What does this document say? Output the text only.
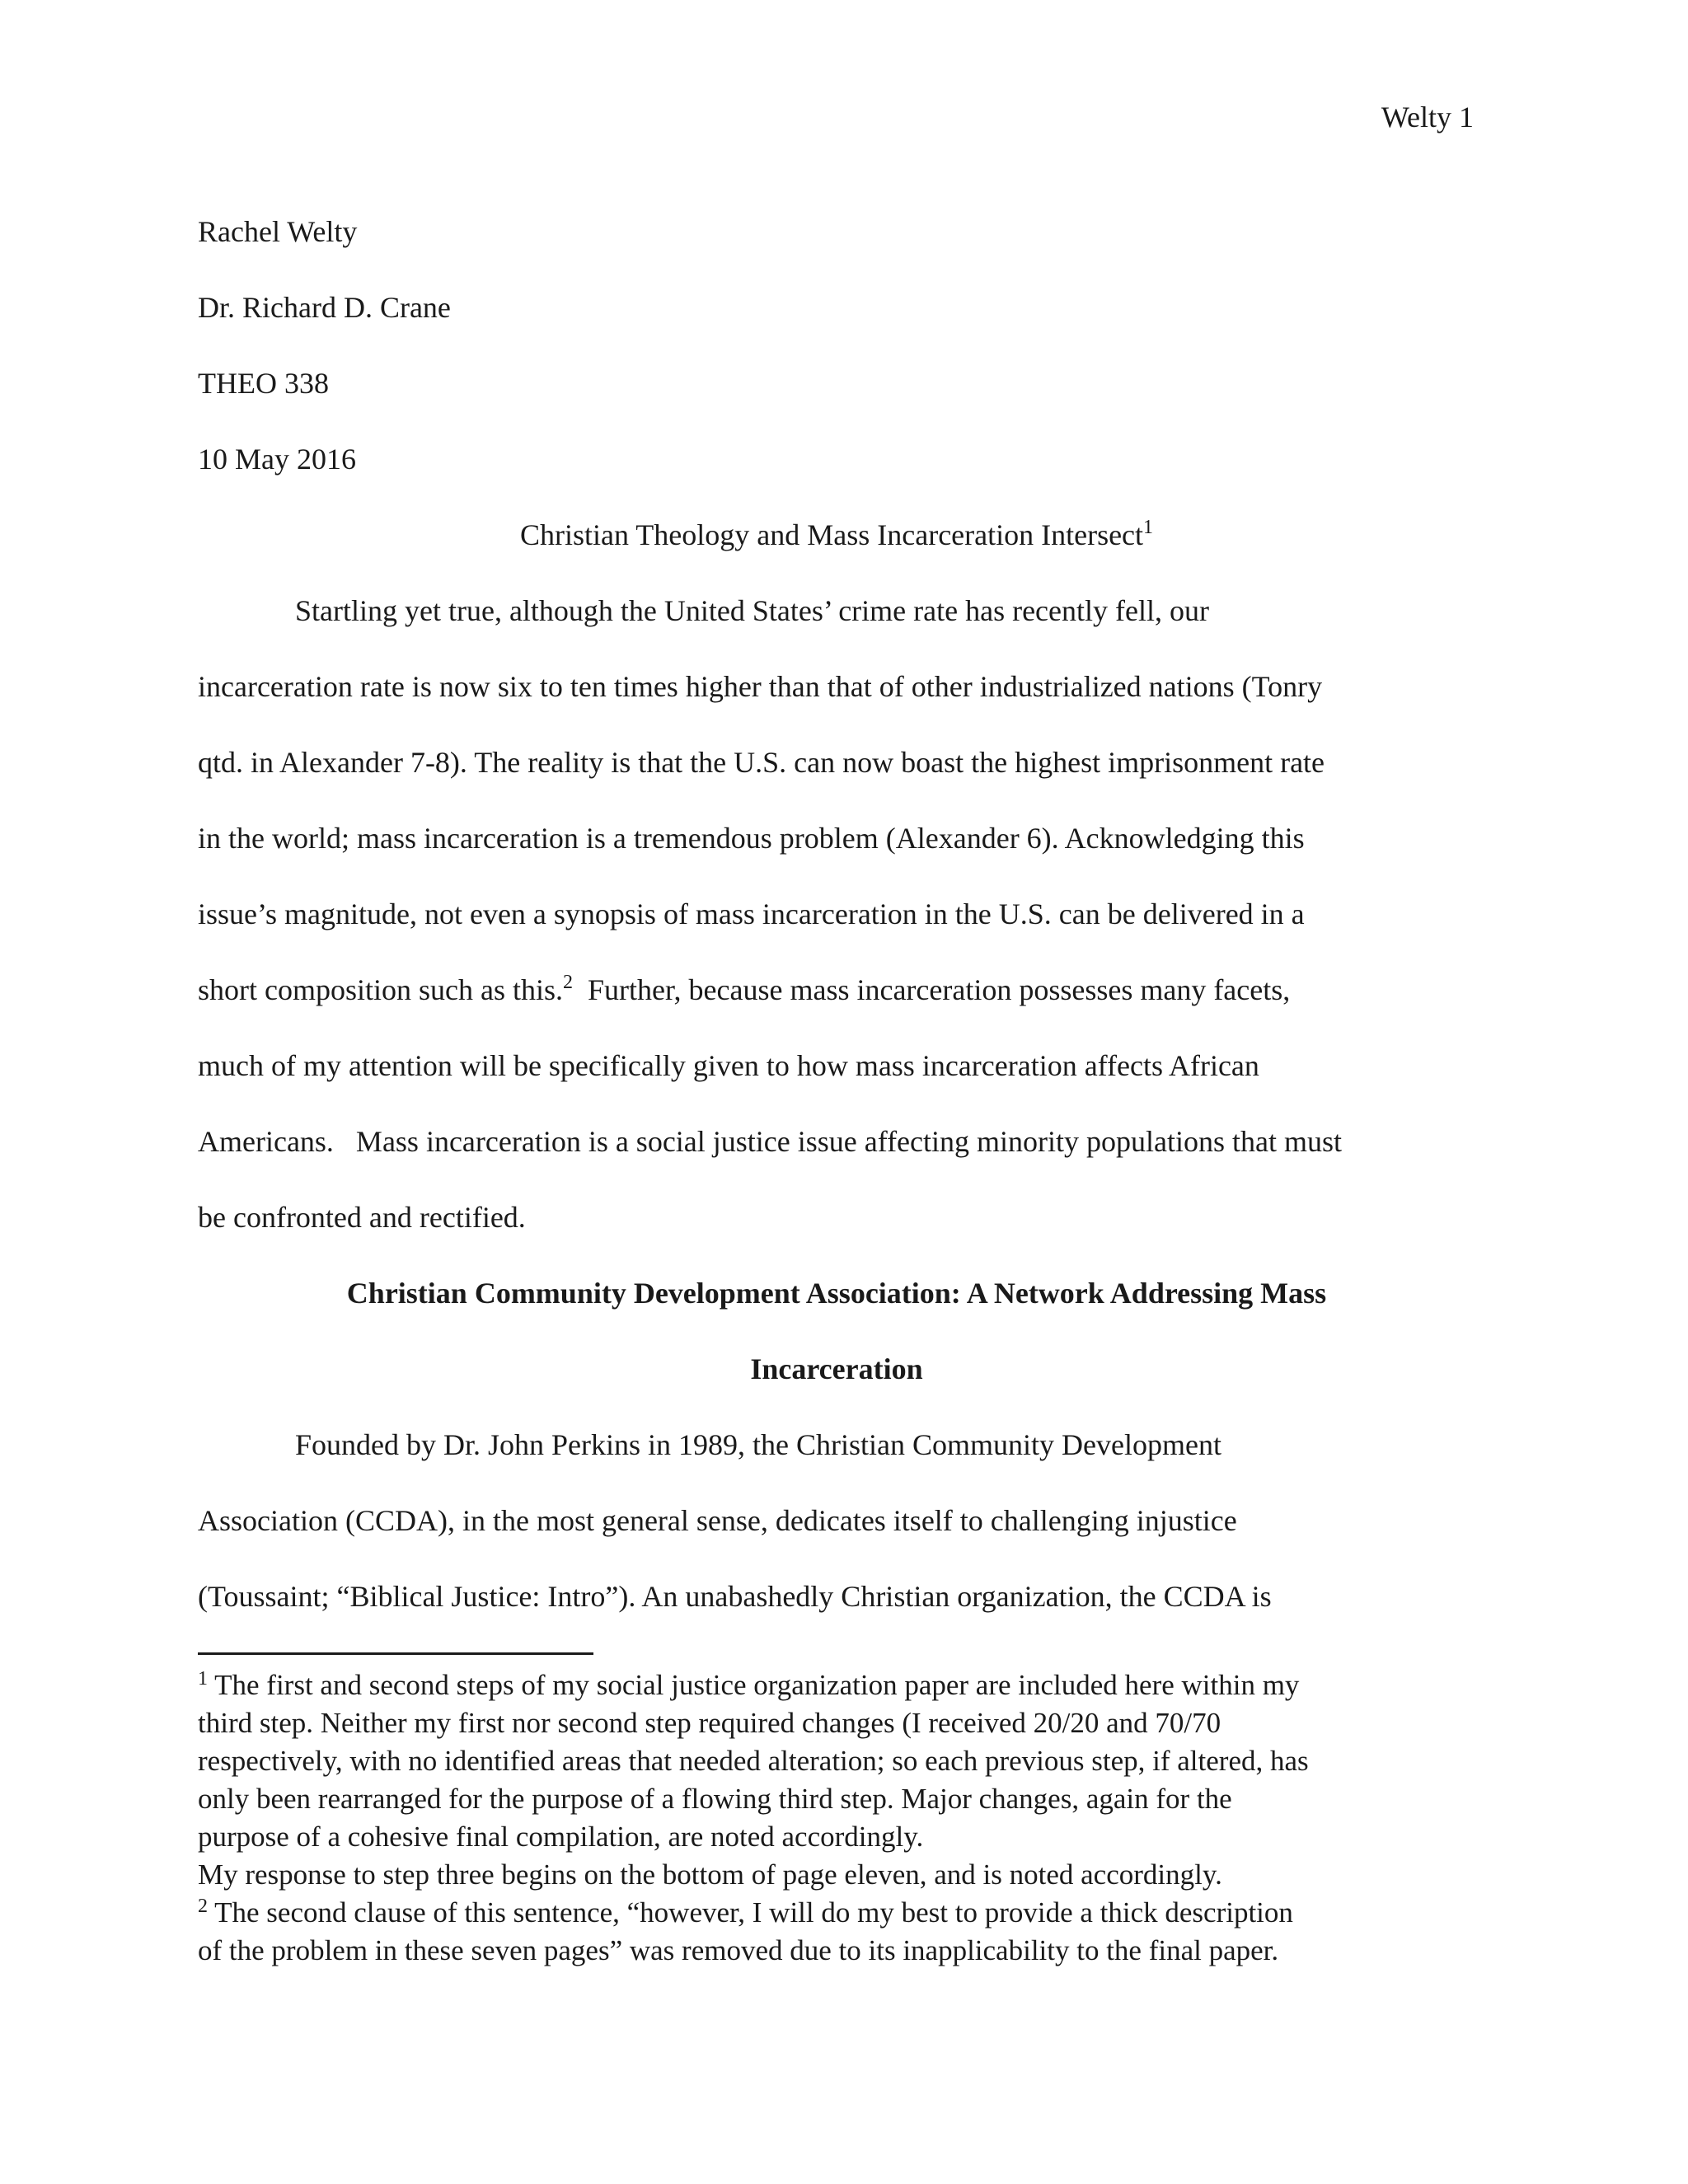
Welty 1
Rachel Welty
Dr. Richard D. Crane
THEO 338
10 May 2016
Christian Theology and Mass Incarceration Intersect$^1$
Startling yet true, although the United States’ crime rate has recently fell, our
incarceration rate is now six to ten times higher than that of other industrialized nations (Tonry
qtd. in Alexander 7-8). The reality is that the U.S. can now boast the highest imprisonment rate
in the world; mass incarceration is a tremendous problem (Alexander 6). Acknowledging this
issue’s magnitude, not even a synopsis of mass incarceration in the U.S. can be delivered in a
short composition such as this.$^2$ Further, because mass incarceration possesses many facets,
much of my attention will be specifically given to how mass incarceration affects African
Americans.   Mass incarceration is a social justice issue affecting minority populations that must
be confronted and rectified.
Christian Community Development Association: A Network Addressing Mass
Incarceration
Founded by Dr. John Perkins in 1989, the Christian Community Development
Association (CCDA), in the most general sense, dedicates itself to challenging injustice
(Toussaint; “Biblical Justice: Intro”). An unabashedly Christian organization, the CCDA is
$^1$ The first and second steps of my social justice organization paper are included here within my
third step. Neither my first nor second step required changes (I received 20/20 and 70/70
respectively, with no identified areas that needed alteration; so each previous step, if altered, has
only been rearranged for the purpose of a flowing third step. Major changes, again for the
purpose of a cohesive final compilation, are noted accordingly.
My response to step three begins on the bottom of page eleven, and is noted accordingly.
$^2$ The second clause of this sentence, “however, I will do my best to provide a thick description
of the problem in these seven pages” was removed due to its inapplicability to the final paper.
